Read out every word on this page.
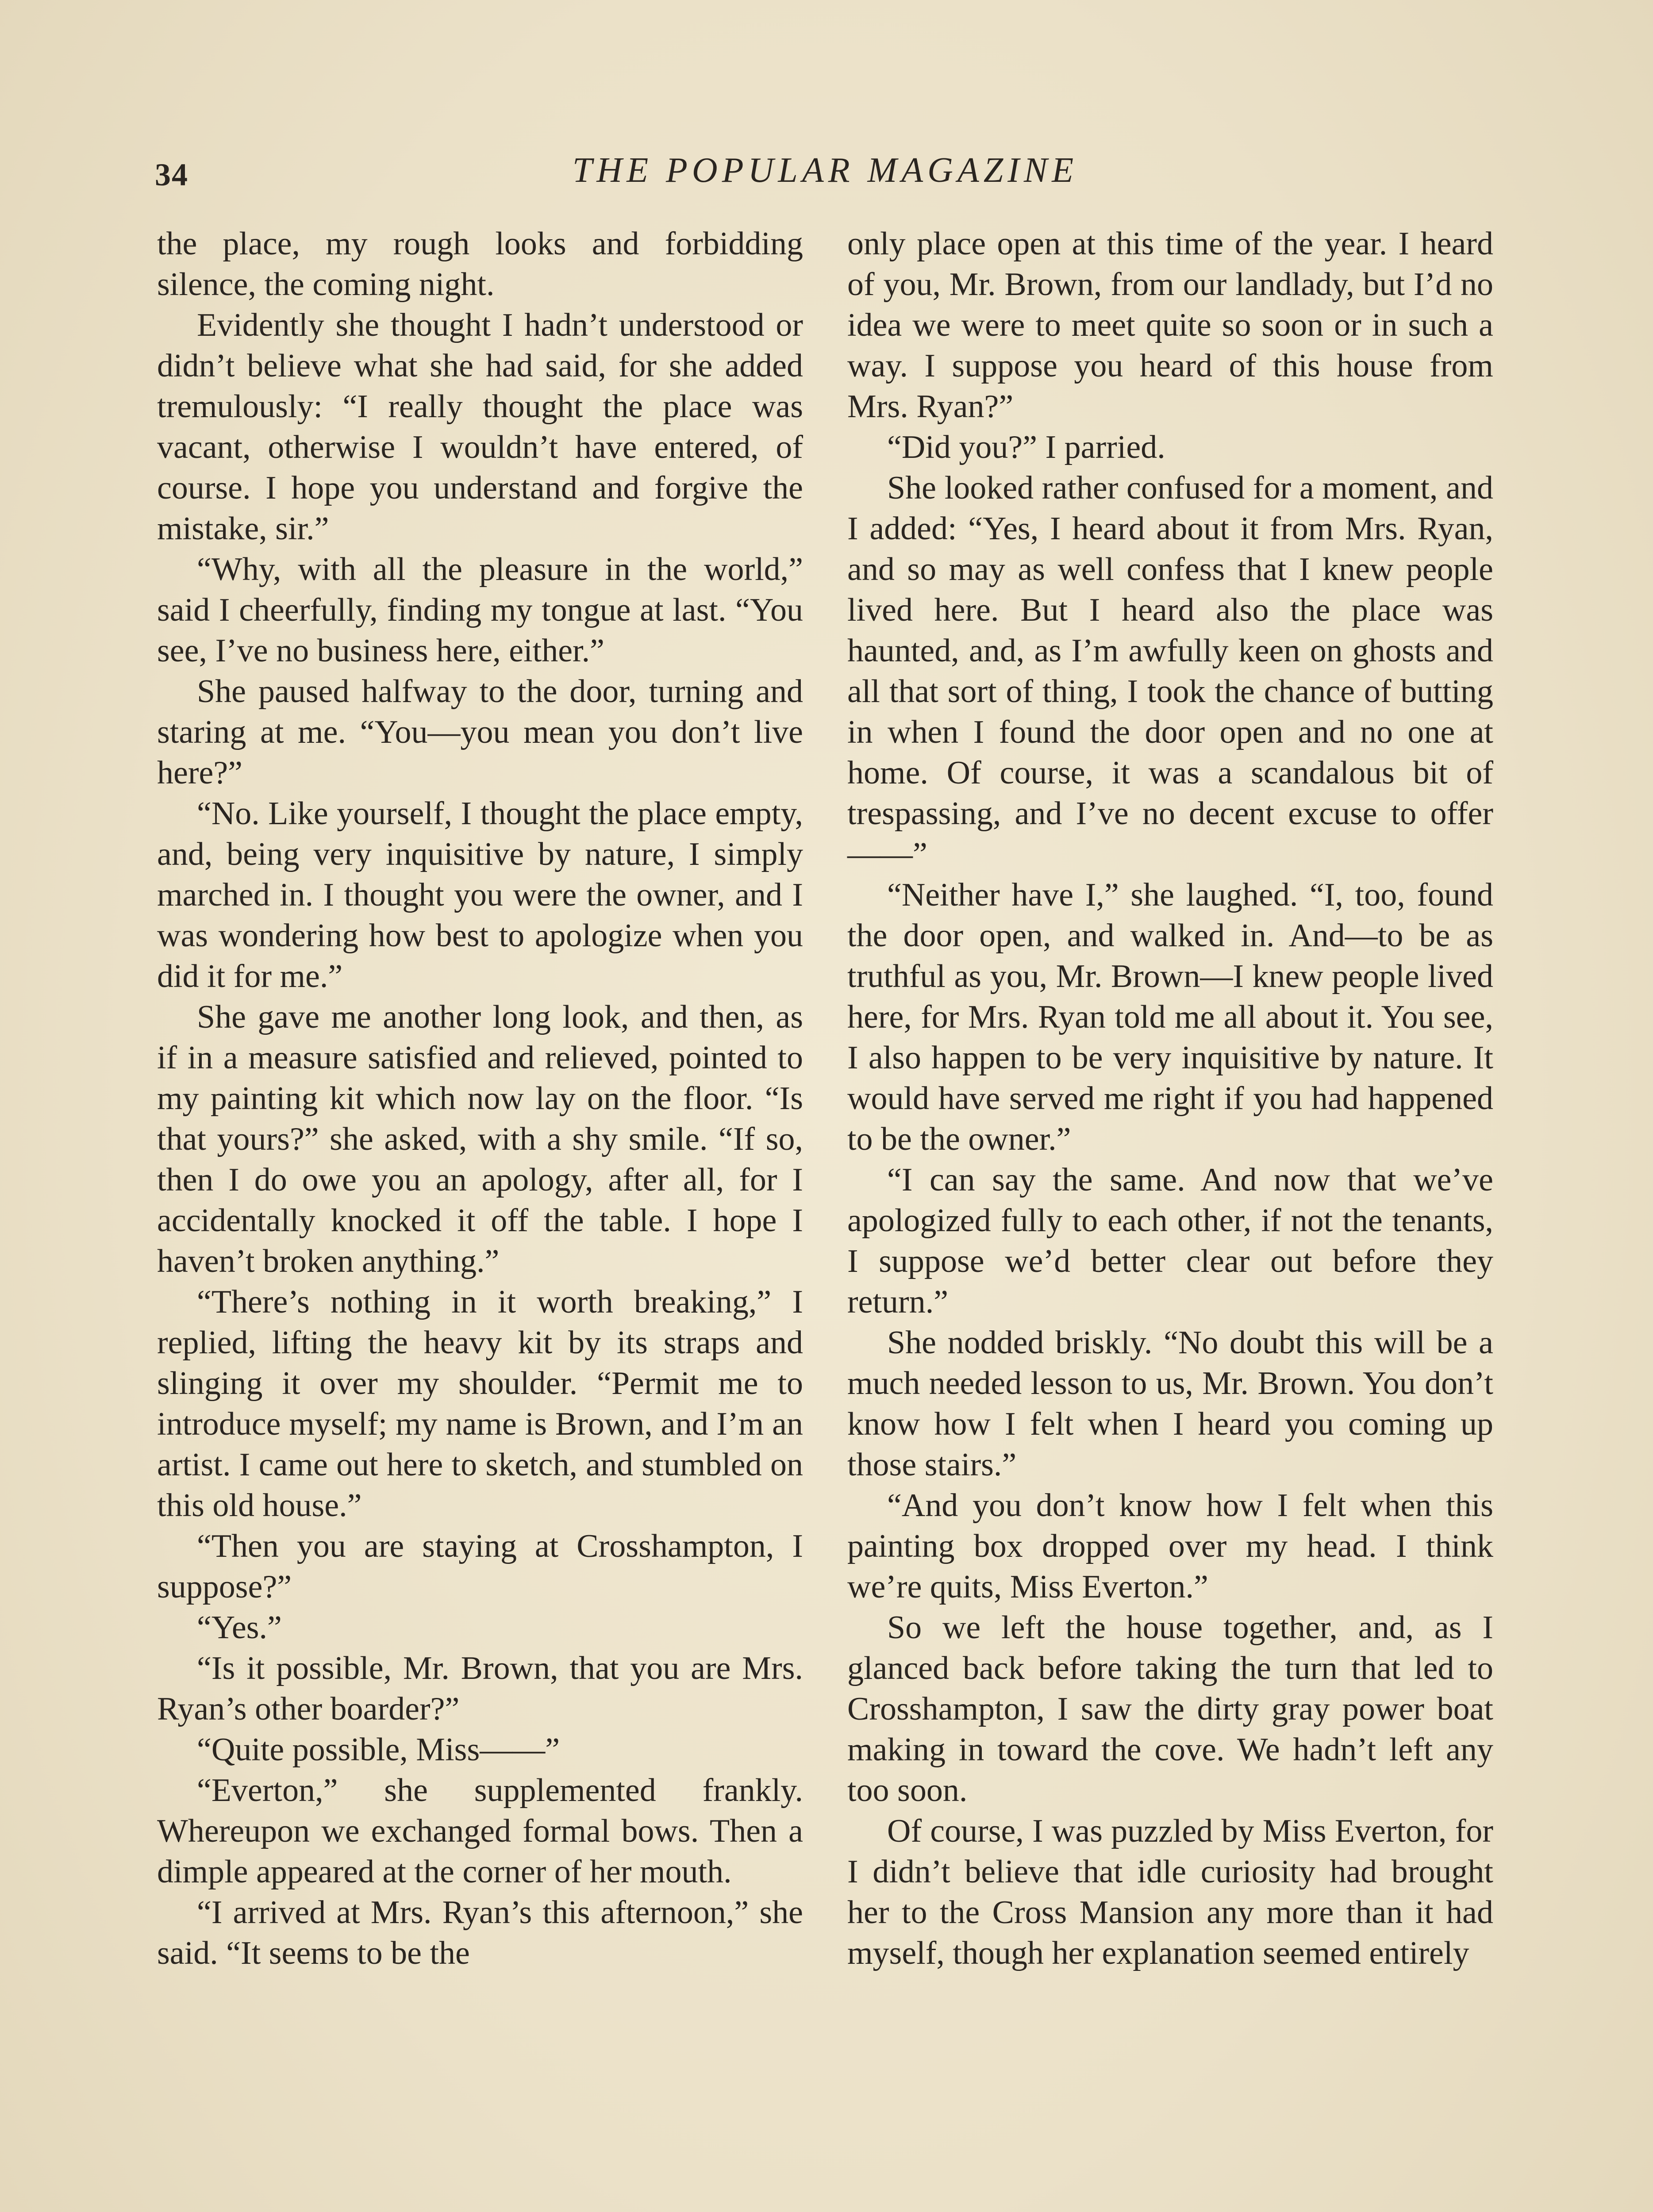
34	THE POPULAR MAGAZINE

the place, my rough looks and forbidding silence, the coming night.

Evidently she thought I hadn’t understood or didn’t believe what she had said, for she added tremulously: “I really thought the place was vacant, otherwise I wouldn’t have entered, of course. I hope you understand and forgive the mistake, sir.”

“Why, with all the pleasure in the world,” said I cheerfully, finding my tongue at last. “You see, I’ve no business here, either.”

She paused halfway to the door, turning and staring at me. “You—you mean you don’t live here?”

“No. Like yourself, I thought the place empty, and, being very inquisitive by nature, I simply marched in. I thought you were the owner, and I was wondering how best to apologize when you did it for me.”

She gave me another long look, and then, as if in a measure satisfied and relieved, pointed to my painting kit which now lay on the floor. “Is that yours?” she asked, with a shy smile. “If so, then I do owe you an apology, after all, for I accidentally knocked it off the table. I hope I haven’t broken anything.”

“There’s nothing in it worth breaking,” I replied, lifting the heavy kit by its straps and slinging it over my shoulder. “Permit me to introduce myself; my name is Brown, and I’m an artist. I came out here to sketch, and stumbled on this old house.”

“Then you are staying at Crosshampton, I suppose?”

“Yes.”

“Is it possible, Mr. Brown, that you are Mrs. Ryan’s other boarder?”

“Quite possible, Miss——”

“Everton,” she supplemented frankly. Whereupon we exchanged formal bows. Then a dimple appeared at the corner of her mouth.

“I arrived at Mrs. Ryan’s this afternoon,” she said. “It seems to be the

only place open at this time of the year. I heard of you, Mr. Brown, from our landlady, but I’d no idea we were to meet quite so soon or in such a way. I suppose you heard of this house from Mrs. Ryan?”

“Did you?” I parried.

She looked rather confused for a moment, and I added: “Yes, I heard about it from Mrs. Ryan, and so may as well confess that I knew people lived here. But I heard also the place was haunted, and, as I’m awfully keen on ghosts and all that sort of thing, I took the chance of butting in when I found the door open and no one at home. Of course, it was a scandalous bit of trespassing, and I’ve no decent excuse to offer——”

“Neither have I,” she laughed. “I, too, found the door open, and walked in. And—to be as truthful as you, Mr. Brown—I knew people lived here, for Mrs. Ryan told me all about it. You see, I also happen to be very inquisitive by nature. It would have served me right if you had happened to be the owner.”

“I can say the same. And now that we’ve apologized fully to each other, if not the tenants, I suppose we’d better clear out before they return.”

She nodded briskly. “No doubt this will be a much needed lesson to us, Mr. Brown. You don’t know how I felt when I heard you coming up those stairs.”

“And you don’t know how I felt when this painting box dropped over my head. I think we’re quits, Miss Everton.”

So we left the house together, and, as I glanced back before taking the turn that led to Crosshampton, I saw the dirty gray power boat making in toward the cove. We hadn’t left any too soon.

Of course, I was puzzled by Miss Everton, for I didn’t believe that idle curiosity had brought her to the Cross Mansion any more than it had myself, though her explanation seemed entirely
